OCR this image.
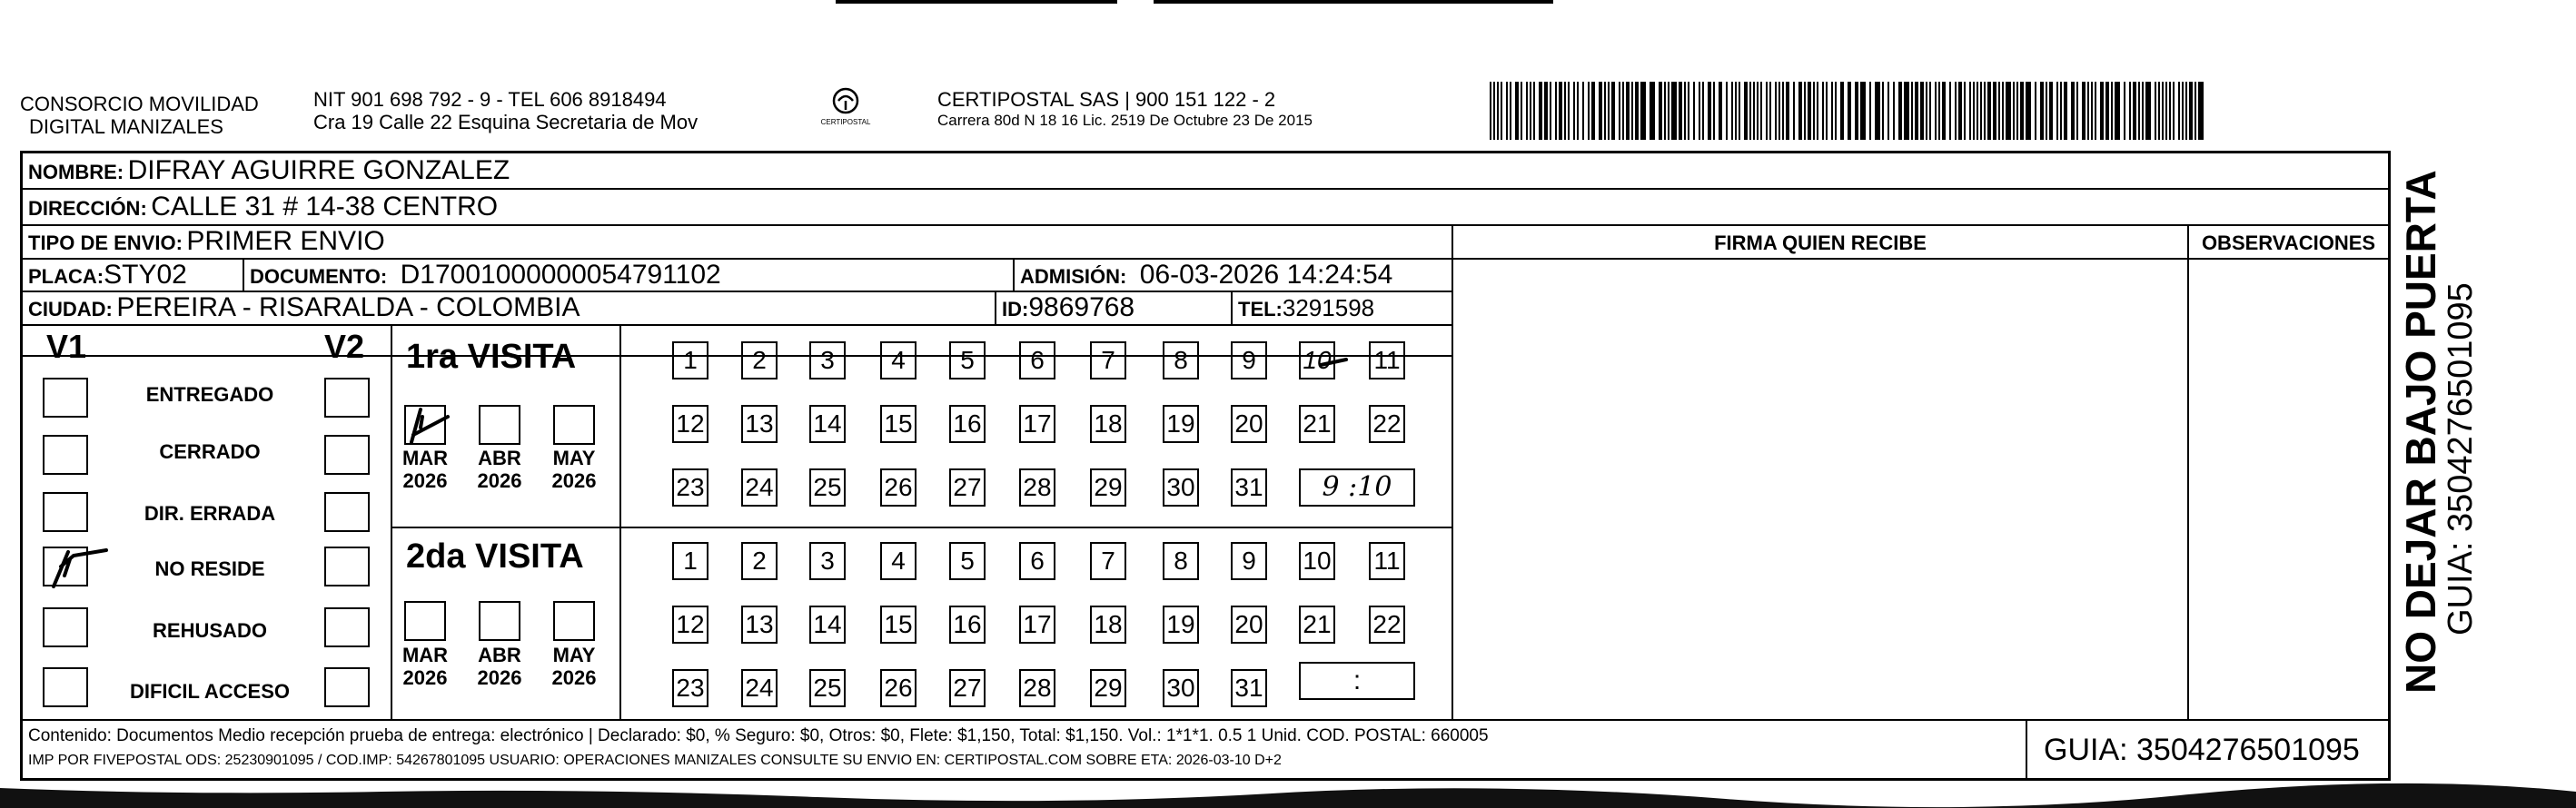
CONSORCIO MOVILIDAD
DIGITAL MANIZALES
NIT 901 698 792 - 9 - TEL 606 8918494
Cra 19 Calle 22 Esquina Secretaria de Mov	CERTIPOSTAL
CERTIPOSTAL SAS | 900 151 122 - 2
Carrera 80d N 18 16 Lic. 2519 De Octubre 23 De 2015
NOMBRE: DIFRAY AGUIRRE GONZALEZ
DIRECCIÓN: CALLE 31 # 14-38 CENTRO
TIPO DE ENVIO: PRIMER ENVIO	FIRMA QUIEN RECIBE	OBSERVACIONES
PLACA:STY02	DOCUMENTO: D17001000000054791102	ADMISIÓN: 06-03-2026 14:24:54
CIUDAD: PEREIRA - RISARALDA - COLOMBIA	ID:9869768	TEL:3291598
V1	V2
ENTREGADO
CERRADO
DIR. ERRADA
NO RESIDE
REHUSADO
DIFICIL ACCESO
1ra VISITA
MAR
2026
ABR
2026
MAY
2026
1	2	3	4	5	6	7	8	9	10 11
12 13 14 15 16 17 18 19 20 21 22
23 24 25 26 27 28 29 30 31	9 :10
2da VISITA
MAR
2026
ABR
2026
MAY
2026
1	2	3	4	5	6	7	8	9	10 11
12 13 14 15 16 17 18 19 20 21 22
23 24 25 26 27 28 29 30 31	:
Contenido: Documentos Medio recepción prueba de entrega: electrónico | Declarado: $0, % Seguro: $0, Otros: $0, Flete: $1,150, Total: $1,150. Vol.: 1*1*1. 0.5 1 Unid. COD. POSTAL: 660005
IMP POR FIVEPOSTAL ODS: 25230901095 / COD.IMP: 54267801095 USUARIO: OPERACIONES MANIZALES CONSULTE SU ENVIO EN: CERTIPOSTAL.COM SOBRE ETA: 2026-03-10 D+2	GUIA: 3504276501095
NO DEJAR BAJO PUERTA
GUIA: 3504276501095
